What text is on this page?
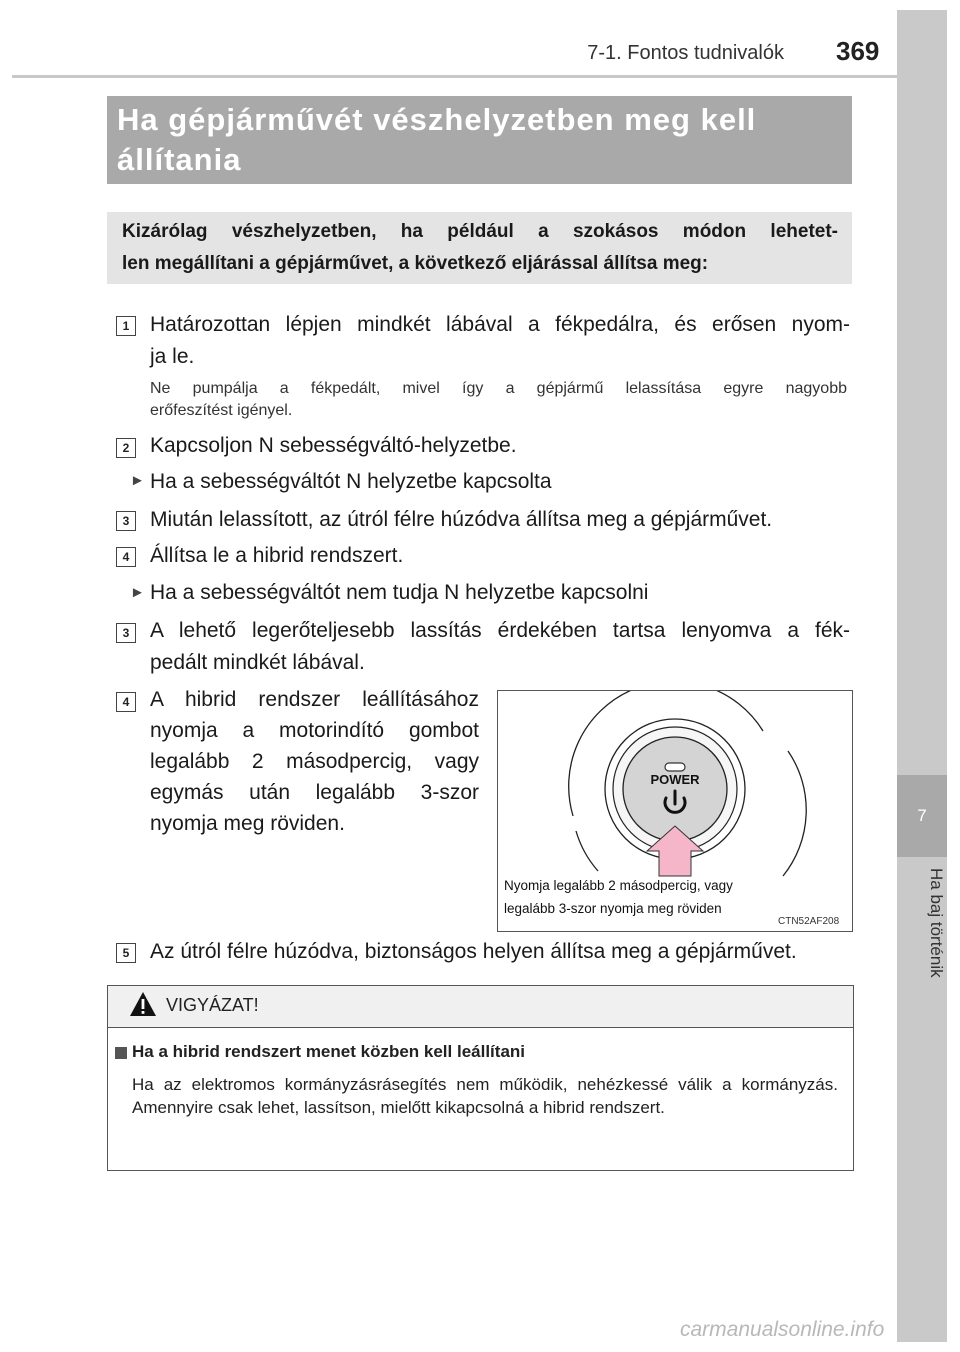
7-1. Fontos tudnivalók 369
7
Ha baj történik
Ha gépjárművét vészhelyzetben meg kell állítania
Kizárólag vészhelyzetben, ha például a szokásos módon lehetet-
len megállítani a gépjárművet, a következő eljárással állítsa meg:
1 Határozottan lépjen mindkét lábával a fékpedálra, és erősen nyom-
ja le.
Ne pumpálja a fékpedált, mivel így a gépjármű lelassítása egyre nagyobb
erőfeszítést igényel.
2 Kapcsoljon N sebességváltó-helyzetbe.
► Ha a sebességváltót N helyzetbe kapcsolta
3 Miután lelassított, az útról félre húzódva állítsa meg a gépjárművet.
4 Állítsa le a hibrid rendszert.
► Ha a sebességváltót nem tudja N helyzetbe kapcsolni
3 A lehető legerőteljesebb lassítás érdekében tartsa lenyomva a fék-
pedált mindkét lábával.
4 A hibrid rendszer leállításához
nyomja a motorindító gombot
legalább 2 másodpercig, vagy
egymás után legalább 3-szor
nyomja meg röviden.
POWER
Nyomja legalább 2 másodpercig, vagy
legalább 3-szor nyomja meg röviden
CTN52AF208
5 Az útról félre húzódva, biztonságos helyen állítsa meg a gépjárművet.
VIGYÁZAT!
Ha a hibrid rendszert menet közben kell leállítani
Ha az elektromos kormányzásrásegítés nem működik, nehézkessé válik a kormányzás. Amennyire csak lehet, lassítson, mielőtt kikapcsolná a hibrid rendszert.
carmanualsonline.info
